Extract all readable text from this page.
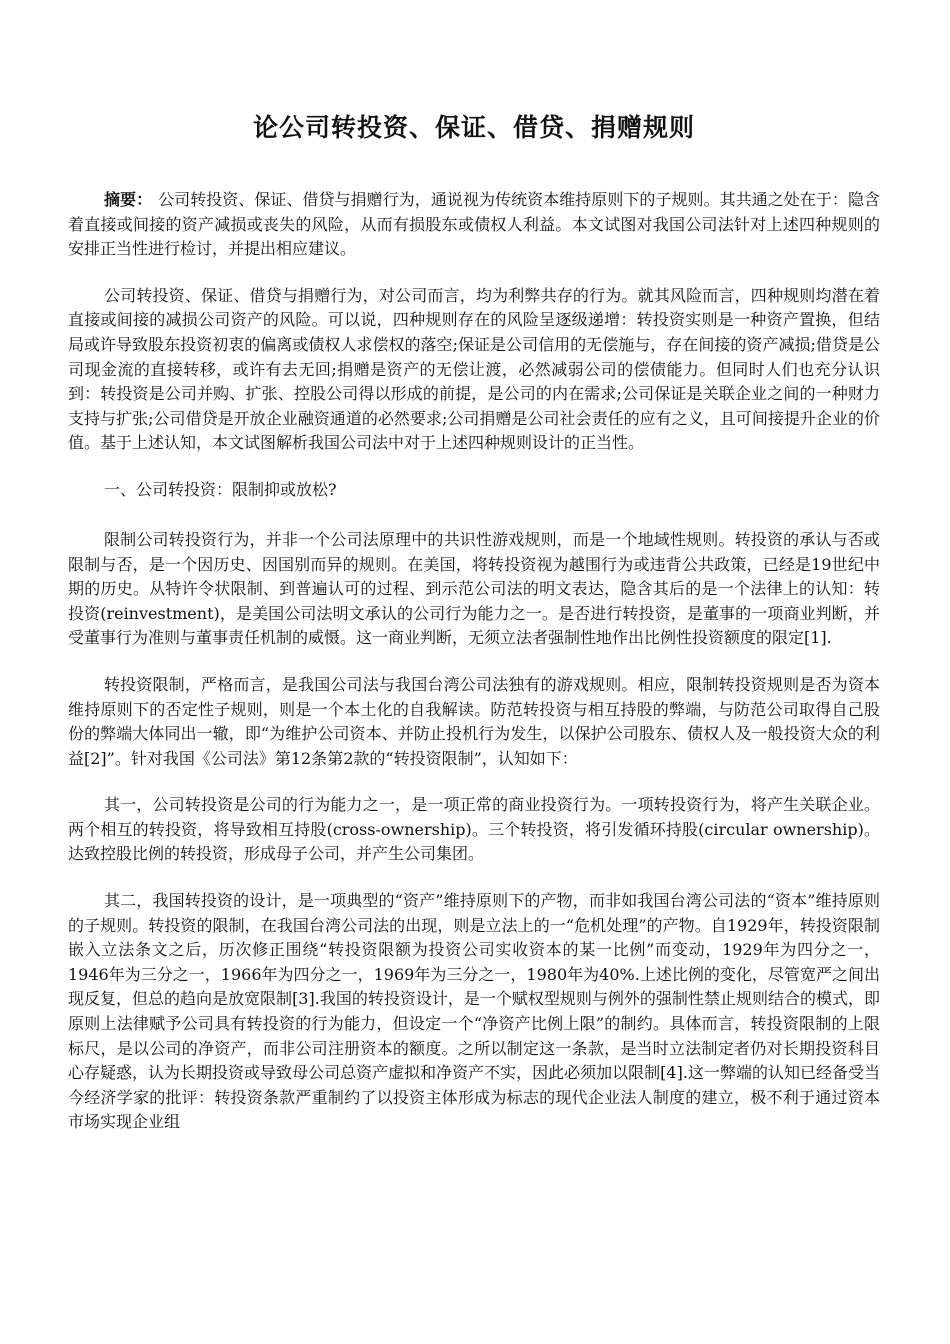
论公司转投资、保证、借贷、捐赠规则

摘要： 公司转投资、保证、借贷与捐赠行为，通说视为传统资本维持原则下的子规则。其共通之处在于：隐含着直接或间接的资产减损或丧失的风险，从而有损股东或债权人利益。本文试图对我国公司法针对上述四种规则的安排正当性进行检讨，并提出相应建议。

公司转投资、保证、借贷与捐赠行为，对公司而言，均为利弊共存的行为。就其风险而言，四种规则均潜在着直接或间接的减损公司资产的风险。可以说，四种规则存在的风险呈逐级递增：转投资实则是一种资产置换，但结局或许导致股东投资初衷的偏离或债权人求偿权的落空;保证是公司信用的无偿施与，存在间接的资产减损;借贷是公司现金流的直接转移，或许有去无回;捐赠是资产的无偿让渡，必然减弱公司的偿债能力。但同时人们也充分认识到：转投资是公司并购、扩张、控股公司得以形成的前提，是公司的内在需求;公司保证是关联企业之间的一种财力支持与扩张;公司借贷是开放企业融资通道的必然要求;公司捐赠是公司社会责任的应有之义，且可间接提升企业的价值。基于上述认知，本文试图解析我国公司法中对于上述四种规则设计的正当性。

一、公司转投资：限制抑或放松?

限制公司转投资行为，并非一个公司法原理中的共识性游戏规则，而是一个地域性规则。转投资的承认与否或限制与否，是一个因历史、因国别而异的规则。在美国，将转投资视为越围行为或违背公共政策，已经是19世纪中期的历史。从特许令状限制、到普遍认可的过程、到示范公司法的明文表达，隐含其后的是一个法律上的认知：转投资(reinvestment)，是美国公司法明文承认的公司行为能力之一。是否进行转投资，是董事的一项商业判断，并受董事行为准则与董事责任机制的威慑。这一商业判断，无须立法者强制性地作出比例性投资额度的限定[1].

转投资限制，严格而言，是我国公司法与我国台湾公司法独有的游戏规则。相应，限制转投资规则是否为资本维持原则下的否定性子规则，则是一个本土化的自我解读。防范转投资与相互持股的弊端，与防范公司取得自己股份的弊端大体同出一辙，即“为维护公司资本、并防止投机行为发生，以保护公司股东、债权人及一般投资大众的利益[2]”。针对我国《公司法》第12条第2款的“转投资限制”，认知如下：

其一，公司转投资是公司的行为能力之一，是一项正常的商业投资行为。一项转投资行为，将产生关联企业。两个相互的转投资，将导致相互持股(cross-ownership)。三个转投资，将引发循环持股(circular ownership)。达致控股比例的转投资，形成母子公司，并产生公司集团。

其二，我国转投资的设计，是一项典型的“资产”维持原则下的产物，而非如我国台湾公司法的“资本”维持原则的子规则。转投资的限制，在我国台湾公司法的出现，则是立法上的一“危机处理”的产物。自1929年，转投资限制嵌入立法条文之后，历次修正围绕“转投资限额为投资公司实收资本的某一比例”而变动，1929年为四分之一，1946年为三分之一，1966年为四分之一，1969年为三分之一，1980年为40%.上述比例的变化，尽管宽严之间出现反复，但总的趋向是放宽限制[3].我国的转投资设计，是一个赋权型规则与例外的强制性禁止规则结合的模式，即原则上法律赋予公司具有转投资的行为能力，但设定一个“净资产比例上限”的制约。具体而言，转投资限制的上限标尺，是以公司的净资产，而非公司注册资本的额度。之所以制定这一条款，是当时立法制定者仍对长期投资科目心存疑惑，认为长期投资或导致母公司总资产虚拟和净资产不实，因此必须加以限制[4].这一弊端的认知已经备受当今经济学家的批评：转投资条款严重制约了以投资主体形成为标志的现代企业法人制度的建立，极不利于通过资本市场实现企业组
